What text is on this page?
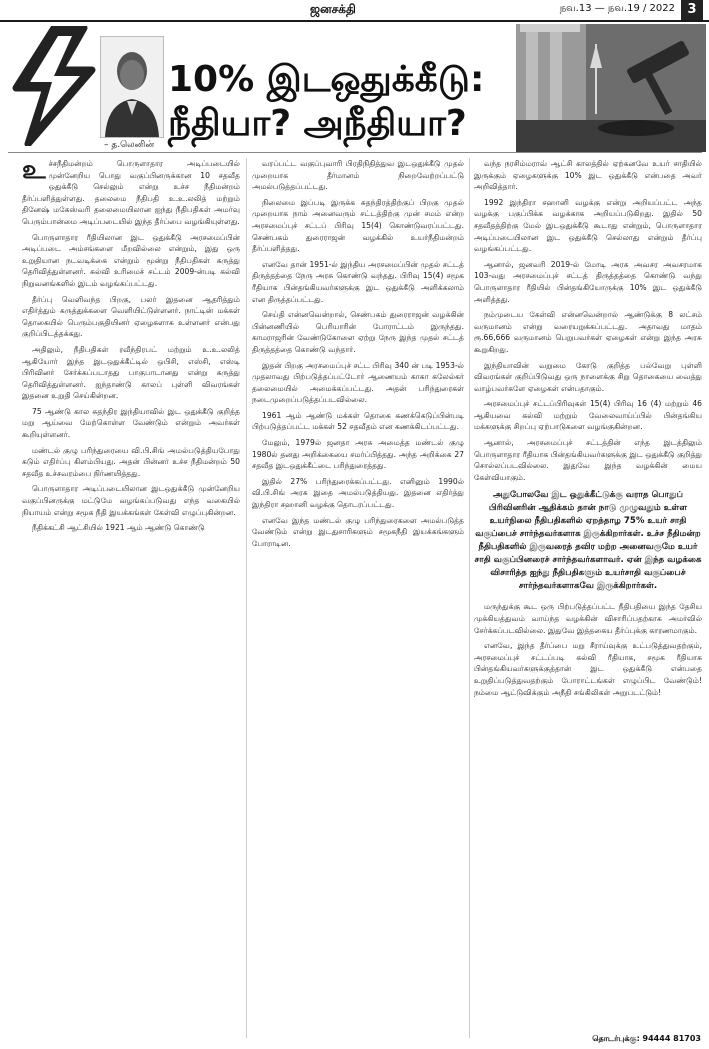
ஜனசக்தி	நவ.13 — நவ.19 / 2022 3
– த.லெனின்
10% இடஒதுக்கீடு:
நீதியா? அநீதியா?

உச்சநீதிமன்றம் பொருளாதார அடிப்படையில் முன்னேறிய பொது வகுப்பினருக்கான 10 சதவீத ஒதுக்கீடு செல்லும் என்று உச்ச நீதிமன்றம் தீர்ப்பளித்துள்ளது. தலைமை நீதிபதி உ.உ.லலித் மற்றும் தினேஷ் மகேஸ்வரி தலைமையிலான ஐந்து நீதிபதிகள் அமர்வு பெரும்பான்மை அடிப்படையில் இந்த தீர்ப்பை வழங்கியுள்ளது.

பொருளாதார ரீதியிலான இட ஒதுக்கீடு அரசமைப்பின் அடிப்படை அம்சங்களை மீறவில்லை என்றும், இது ஒரு உறுதியான நடவடிக்கை என்றும் மூன்று நீதிபதிகள் கருத்து தெரிவித்துள்ளனர். கல்வி உரிமைச் சட்டம் 2009-ன்படி கல்வி நிறுவனங்களில் இடம் வழங்கப்பட்டது.

தீர்ப்பு வெளிவந்த பிறகு, பலர் இதனை ஆதரித்தும் எதிர்த்தும் கருத்துக்களை வெளியிட்டுள்ளனர். நாட்டின் மக்கள் தொகையில் பெரும்பகுதியினர் ஏழைகளாக உள்ளனர் என்பது குறிப்பிடத்தக்கது.

அதிலும், நீதிபதிகள் ரவீந்திரபட் மற்றும் உ.உ.லலித் ஆகியோர் இந்த இடஒதுக்கீட்டில் ஒபிசி, எஸ்சி, எஸ்டி பிரிவினர் சேர்க்கப்படாதது பாகுபாடானது என்று கருத்து தெரிவித்துள்ளனர். ஐந்தாண்டு காலப் புள்ளி விவரங்கள் இதனை உறுதி செய்கின்றன.

75 ஆண்டு கால சுதந்திர இந்தியாவில் இட ஒதுக்கீடு குறித்த மறு ஆய்வை மேற்கொள்ள வேண்டும் என்றும் அவர்கள் கூறியுள்ளனர்.

மண்டல் குழு பரிந்துரையை வி.பி.சிங் அமல்படுத்தியபோது கடும் எதிர்ப்பு கிளம்பியது. அதன் பின்னர் உச்ச நீதிமன்றம் 50 சதவீத உச்சவரம்பை நிர்ணயித்தது.

பொருளாதார அடிப்படையிலான இடஒதுக்கீடு முன்னேறிய வகுப்பினருக்கு மட்டுமே வழங்கப்படுவது எந்த வகையில் நியாயம் என்று சமூக நீதி இயக்கங்கள் கேள்வி எழுப்புகின்றன.

நீதிக்கட்சி ஆட்சியில் 1921 ஆம் ஆண்டு கொண்டு

வரப்பட்ட வகுப்புவாரி பிரதிநிதித்துவ இடஒதுக்கீடு முதல் முறையாக தீர்மானம் நிறைவேற்றப்பட்டு அமல்படுத்தப்பட்டது.

நிலைமை இப்படி இருக்க சுதந்திரத்திற்குப் பிறகு முதல் முறையாக நாம் அனைவரும் சட்டத்திற்கு முன் சமம் என்ற அரசமைப்புச் சட்டப் பிரிவு 15(4) கொண்டுவரப்பட்டது. செண்பகம் துரைராஜன் வழக்கில் உயர்நீதிமன்றம் தீர்ப்பளித்தது.

எனவே தான் 1951-ல் இந்திய அரசமைப்பின் முதல் சட்டத் திருத்தத்தை நேரு அரசு கொண்டு வந்தது. பிரிவு 15(4) சமூக ரீதியாக பின்தங்கியவர்களுக்கு இட ஒதுக்கீடு அளிக்கலாம் என திருத்தப்பட்டது.

செய்தி என்னவென்றால், செண்பகம் துரைராஜன் வழக்கின் பின்னணியில் பெரியாரின் போராட்டம் இருந்தது. காமராஜரின் வேண்டுகோளை ஏற்று நேரு இந்த முதல் சட்டத் திருத்தத்தை கொண்டு வந்தார்.

இதன் பிறகு அரசமைப்புச் சட்ட பிரிவு 340 ன் படி 1953-ல் முதலாவது பிற்படுத்தப்பட்டோர் ஆணையம் காகா கலேல்கர் தலைமையில் அமைக்கப்பட்டது. அதன் பரிந்துரைகள் நடைமுறைப்படுத்தப்படவில்லை.

1961 ஆம் ஆண்டு மக்கள் தொகை கணக்கெடுப்பின்படி பிற்படுத்தப்பட்ட மக்கள் 52 சதவீதம் என கணக்கிடப்பட்டது.

மேலும், 1979ல் ஜனதா அரசு அமைத்த மண்டல் குழு 1980ல் தனது அறிக்கையை சமர்ப்பித்தது. அந்த அறிக்கை 27 சதவீத இடஒதுக்கீட்டை பரிந்துரைத்தது.

இதில் 27% பரிந்துரைக்கப்பட்டது. எனினும் 1990ல் வி.பி.சிங் அரசு இதை அமல்படுத்தியது. இதனை எதிர்த்து இந்திரா சஹானி வழக்கு தொடரப்பட்டது.

எனவே இந்த மண்டல் குழு பரிந்துரைகளை அமல்படுத்த வேண்டும் என்று இடதுசாரிகளும் சமூகநீதி இயக்கங்களும் போராடின.

வந்த நரசிம்மராவ் ஆட்சி காலத்தில் ஏற்கனவே உயர் சாதியில் இருக்கும் ஏழைகளுக்கு 10% இட ஒதுக்கீடு என்பதை அவர் அறிவித்தார்.

1992 இந்திரா சஹானி வழக்கு என்று அறியப்பட்ட அந்த வழக்கு பகுப்பிக்க வழக்காக அறியப்படுகிறது. இதில் 50 சதவீதத்திற்கு மேல் இடஒதுக்கீடு கூடாது என்றும், பொருளாதார அடிப்படையிலான இட ஒதுக்கீடு செல்லாது என்றும் தீர்ப்பு வழங்கப்பட்டது.

ஆனால், ஜனவரி 2019-ல் மோடி அரசு அவசர அவசரமாக 103-வது அரசமைப்புச் சட்டத் திருத்தத்தை கொண்டு வந்து பொருளாதார ரீதியில் பின்தங்கியோருக்கு 10% இட ஒதுக்கீடு அளித்தது.

நம்முடைய கேள்வி என்னவென்றால் ஆண்டுக்கு 8 லட்சம் வருமானம் என்று வரையறுக்கப்பட்டது. அதாவது மாதம் ரூ.66,666 வருமானம் பெறுபவர்கள் ஏழைகள் என்று இந்த அரசு கூறுகிறது.

இந்தியாவின் வறுமை கோடு குறித்த பல்வேறு புள்ளி விவரங்கள் குறிப்பிடுவது ஒரு நாளைக்கு சிறு தொகையை வைத்து வாழ்பவர்களே ஏழைகள் என்பதாகும்.

அரசமைப்புச் சட்டப்பிரிவுகள் 15(4) பிரிவு 16 (4) மற்றும் 46 ஆகியவை கல்வி மற்றும் வேலைவாய்ப்பில் பின்தங்கிய மக்களுக்கு சிறப்பு ஏற்பாடுகளை வழங்குகின்றன.

ஆனால், அரசமைப்புச் சட்டத்தின் எந்த இடத்திலும் பொருளாதார ரீதியாக பின்தங்கியவர்களுக்கு இட ஒதுக்கீடு குறித்து சொல்லப்படவில்லை. இதுவே இந்த வழக்கின் மைய கேள்வியாகும்.

அதுபோலவே இட ஒதுக்கீட்டுக்கு வராத பொதுப் பிரிவினரின் ஆதிக்கம் தான் நாடு முழுவதும் உள்ள உயர்நிலை நீதிபதிகளில் ஏறத்தாழ 75% உயர் சாதி வகுப்பைச் சார்ந்தவர்களாக இருக்கிறார்கள். உச்ச நீதிமன்ற நீதிபதிகளில் இருவரைத் தவிர மற்ற அனைவருமே உயர் சாதி வகுப்பினரைச் சார்ந்தவர்களாவர். ஏன் இந்த வழக்கை விசாரித்த ஐந்து நீதிபதிகளும் உயர்சாதி வகுப்பைச் சார்ந்தவர்களாகவே இருக்கிறார்கள்.

மருந்துக்கு கூட ஒரு பிற்படுத்தப்பட்ட நீதிபதியை இந்த தேசிய முக்கியத்துவம் வாய்ந்த வழக்கின் விசாரிப்பதற்காக அமர்வில் சேர்க்கப்படவில்லை. இதுவே இத்தகைய தீர்ப்புக்கு காரணமாகும்.

எனவே, இந்த தீர்ப்பை மறு சீராய்வுக்கு உட்படுத்துவதற்கும், அரசமைப்புச் சட்டப்படி கல்வி ரீதியாக, சமூக ரீதியாக பின்தங்கியவர்களுக்குத்தான் இட ஒதுக்கீடு என்பதை உறுதிப்படுத்துவதற்கும் போராட்டங்கள் எழுப்பிட வேண்டும்! நம்மை ஆட்டுவிக்கும் அநீதி சங்கிலிகள் அறுபடட்டும்!

தொடர்புக்கு: 94444 81703
